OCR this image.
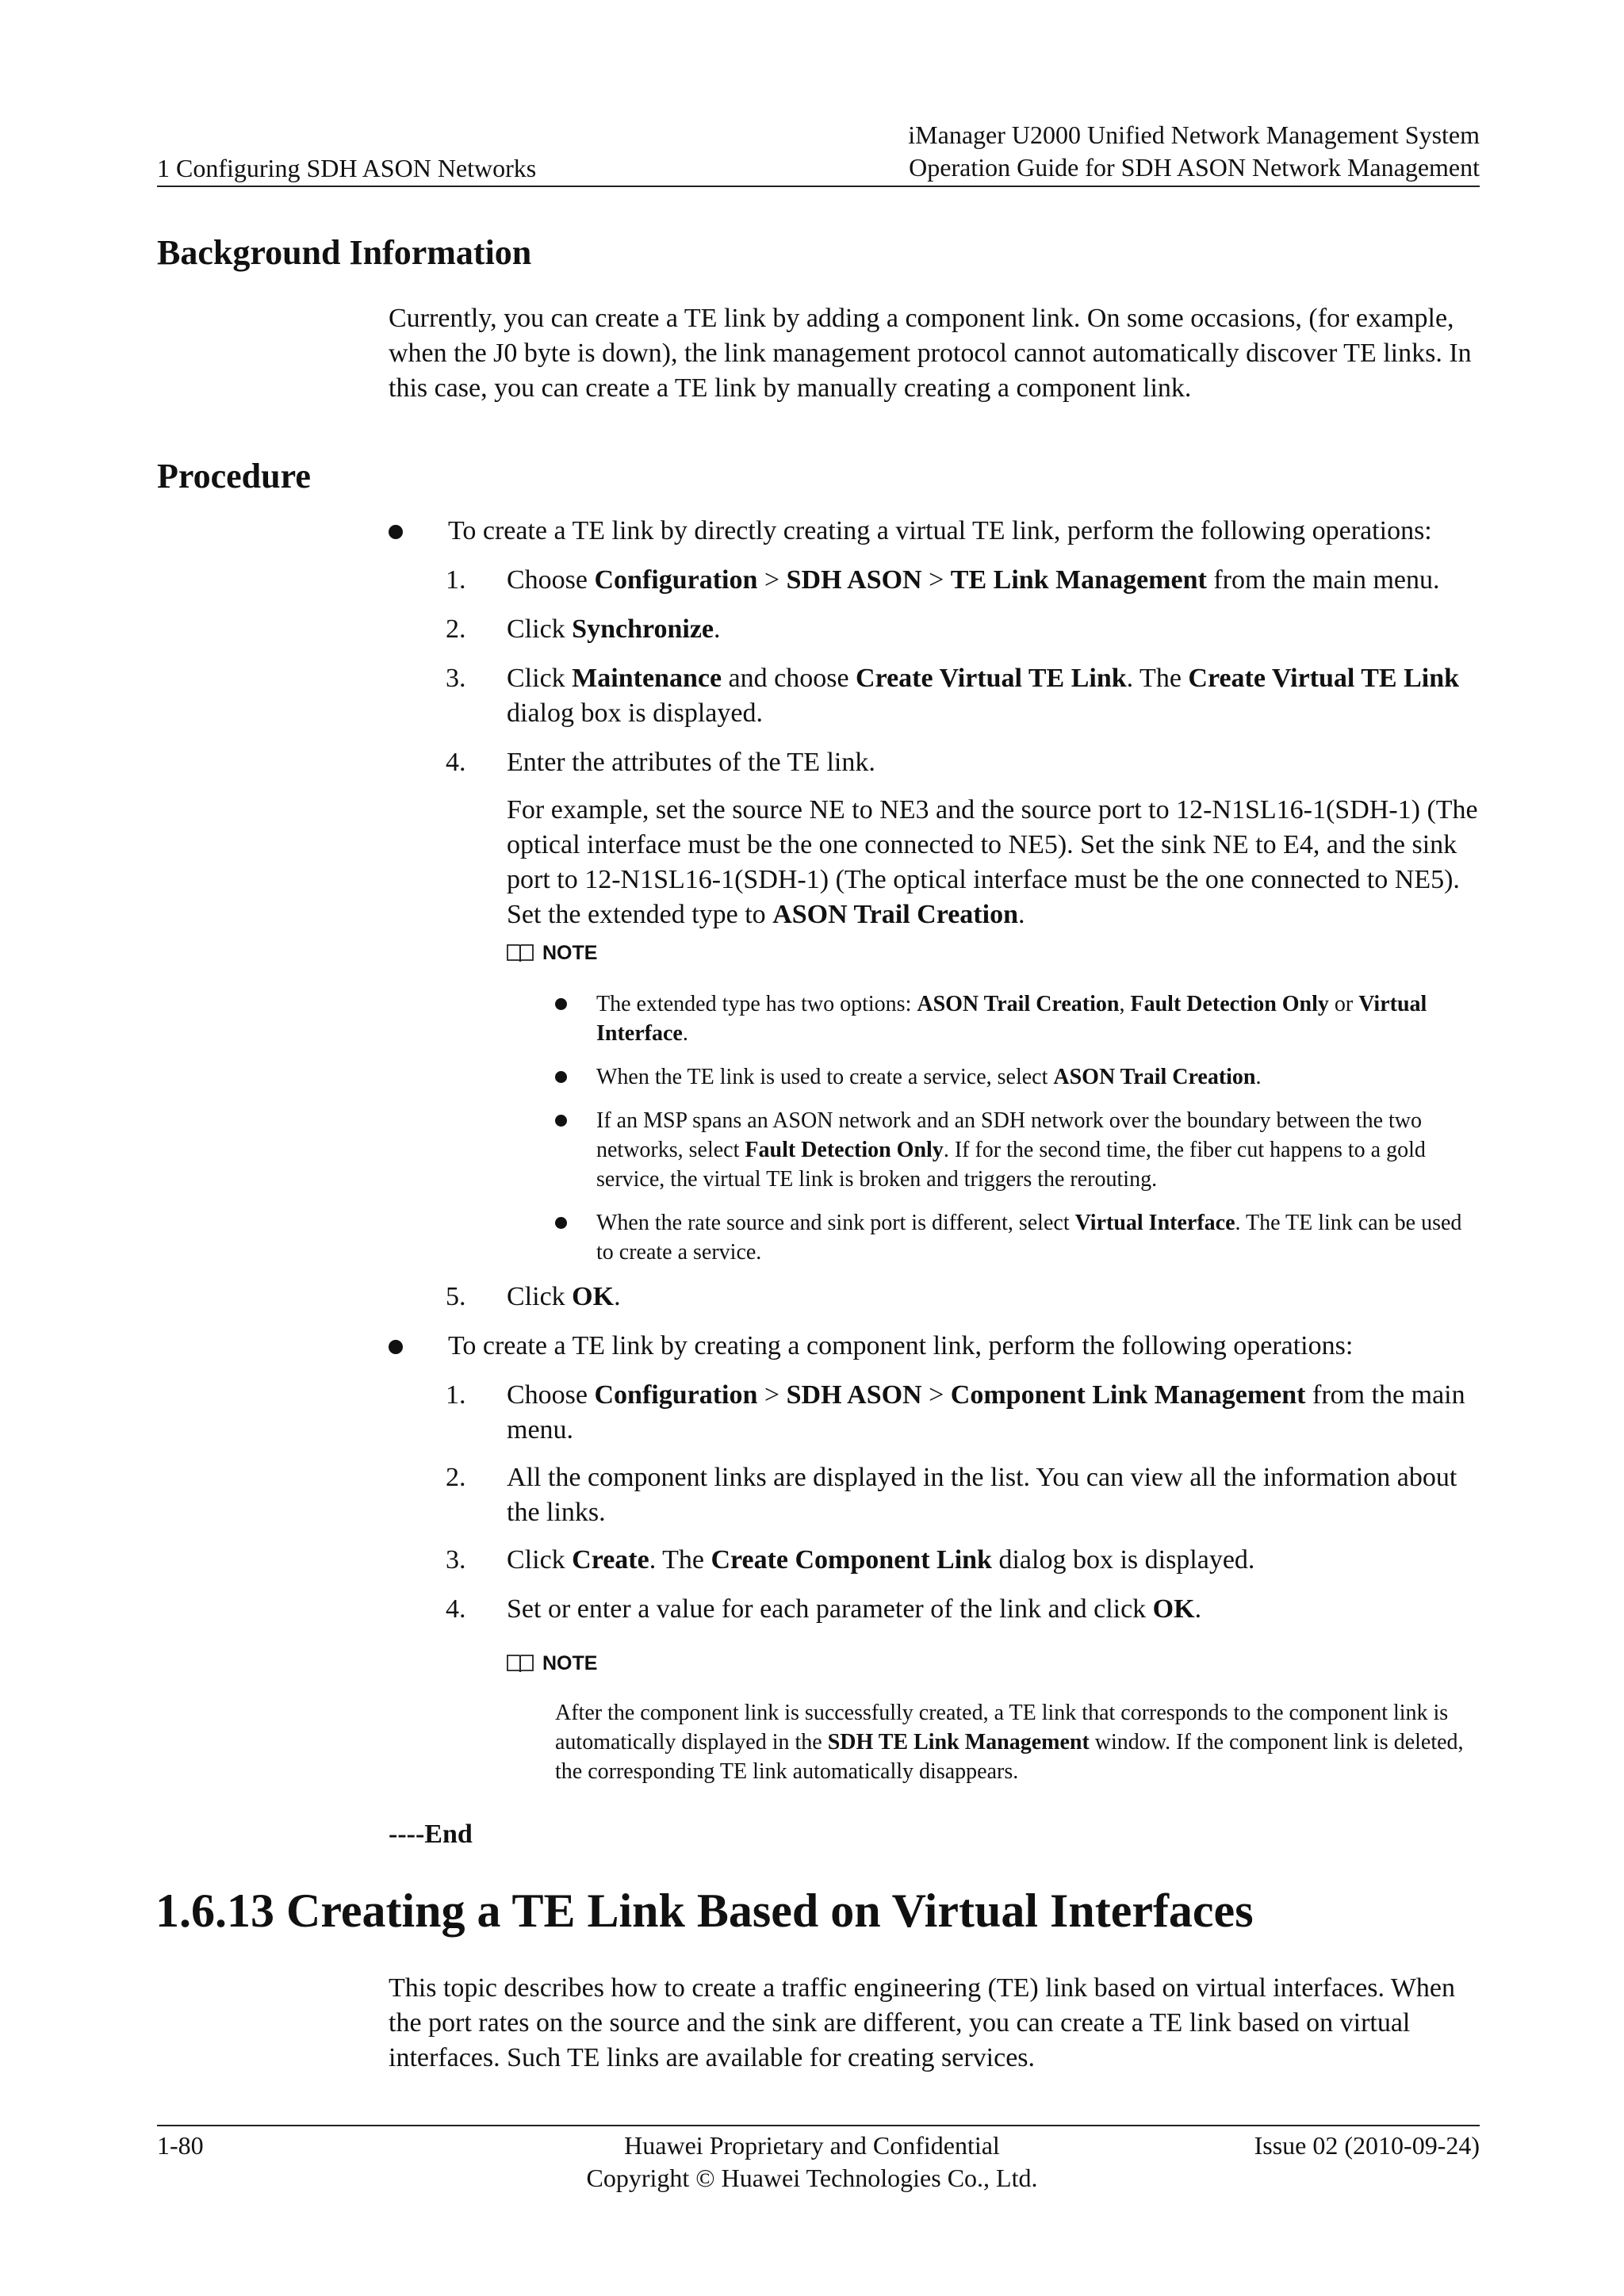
1 Configuring SDH ASON Networks
iManager U2000 Unified Network Management System
Operation Guide for SDH ASON Network Management
Background Information

Currently, you can create a TE link by adding a component link. On some occasions, (for example, when the J0 byte is down), the link management protocol cannot automatically discover TE links. In this case, you can create a TE link by manually creating a component link.

Procedure
To create a TE link by directly creating a virtual TE link, perform the following operations:
1. Choose Configuration > SDH ASON > TE Link Management from the main menu.
2. Click Synchronize.
3. Click Maintenance and choose Create Virtual TE Link. The Create Virtual TE Link dialog box is displayed.
4. Enter the attributes of the TE link.
For example, set the source NE to NE3 and the source port to 12-N1SL16-1(SDH-1) (The optical interface must be the one connected to NE5). Set the sink NE to E4, and the sink port to 12-N1SL16-1(SDH-1) (The optical interface must be the one connected to NE5). Set the extended type to ASON Trail Creation.
NOTE
The extended type has two options: ASON Trail Creation, Fault Detection Only or Virtual Interface.
When the TE link is used to create a service, select ASON Trail Creation.
If an MSP spans an ASON network and an SDH network over the boundary between the two networks, select Fault Detection Only. If for the second time, the fiber cut happens to a gold service, the virtual TE link is broken and triggers the rerouting.
When the rate source and sink port is different, select Virtual Interface. The TE link can be used to create a service.
5. Click OK.
To create a TE link by creating a component link, perform the following operations:
1. Choose Configuration > SDH ASON > Component Link Management from the main menu.
2. All the component links are displayed in the list. You can view all the information about the links.
3. Click Create. The Create Component Link dialog box is displayed.
4. Set or enter a value for each parameter of the link and click OK.
NOTE
After the component link is successfully created, a TE link that corresponds to the component link is automatically displayed in the SDH TE Link Management window. If the component link is deleted, the corresponding TE link automatically disappears.
----End
1.6.13 Creating a TE Link Based on Virtual Interfaces

This topic describes how to create a traffic engineering (TE) link based on virtual interfaces. When the port rates on the source and the sink are different, you can create a TE link based on virtual interfaces. Such TE links are available for creating services.

1-80	Huawei Proprietary and Confidential
Copyright © Huawei Technologies Co., Ltd.
Issue 02 (2010-09-24)
